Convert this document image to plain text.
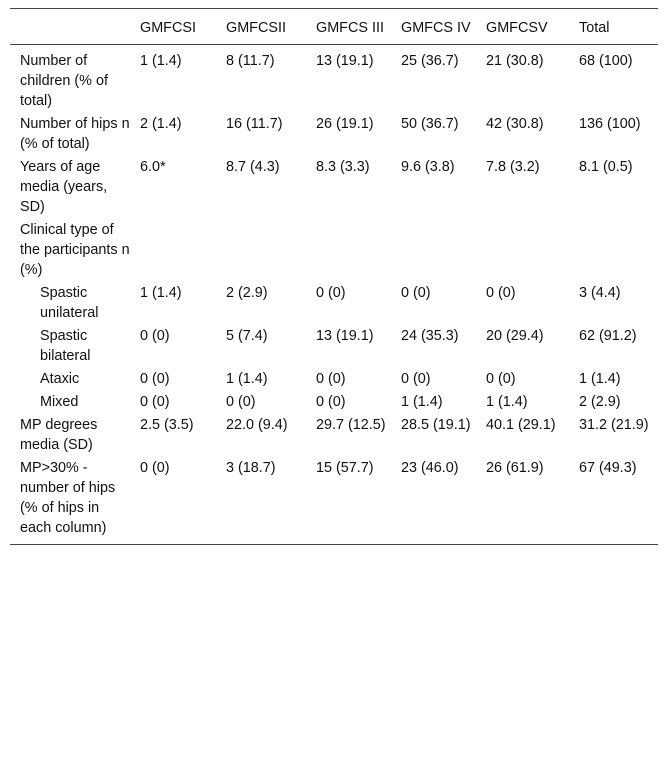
	GMFCSI	GMFCSII	GMFCS III	GMFCS IV	GMFCSV	Total
Number of children (% of total)	1 (1.4)	8 (11.7)	13 (19.1)	25 (36.7)	21 (30.8)	68 (100)
Number of hips n (% of total)	2 (1.4)	16 (11.7)	26 (19.1)	50 (36.7)	42 (30.8)	136 (100)
Years of age media (years, SD)	6.0*	8.7 (4.3)	8.3 (3.3)	9.6 (3.8)	7.8 (3.2)	8.1 (0.5)
Clinical type of the participants n (%)						
Spastic unilateral	1 (1.4)	2 (2.9)	0 (0)	0 (0)	0 (0)	3 (4.4)
Spastic bilateral	0 (0)	5 (7.4)	13 (19.1)	24 (35.3)	20 (29.4)	62 (91.2)
Ataxic	0 (0)	1 (1.4)	0 (0)	0 (0)	0 (0)	1 (1.4)
Mixed	0 (0)	0 (0)	0 (0)	1 (1.4)	1 (1.4)	2 (2.9)
MP degrees media (SD)	2.5 (3.5)	22.0 (9.4)	29.7 (12.5)	28.5 (19.1)	40.1 (29.1)	31.2 (21.9)
MP>30% - number of hips (% of hips in each column)	0 (0)	3 (18.7)	15 (57.7)	23 (46.0)	26 (61.9)	67 (49.3)
